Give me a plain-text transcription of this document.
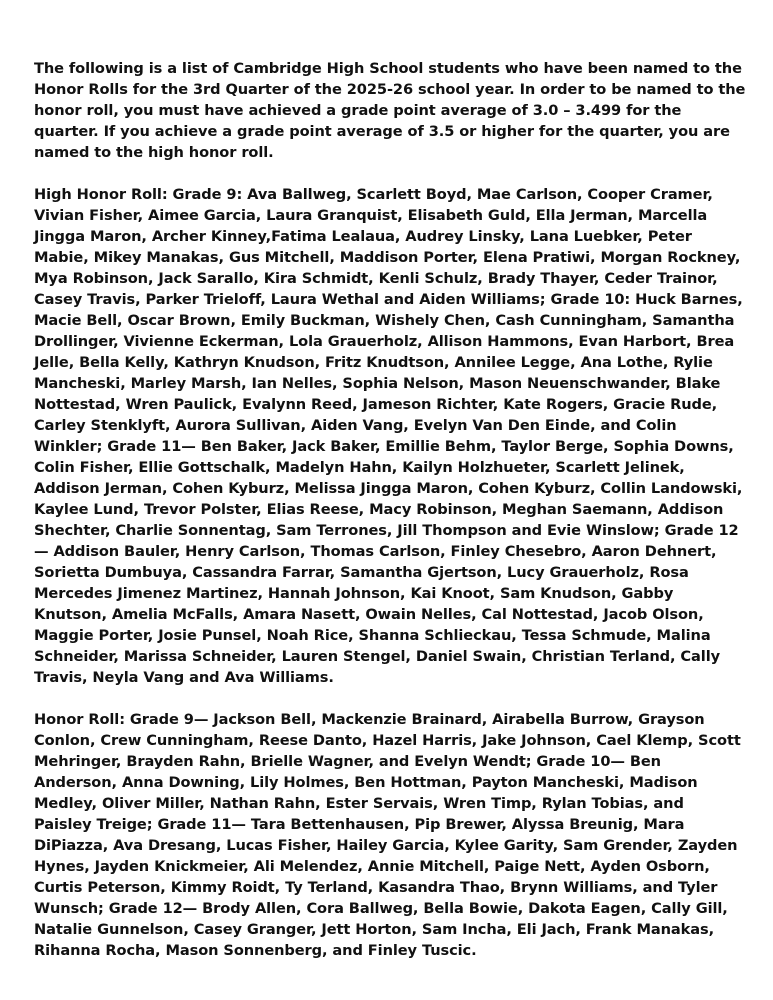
The following is a list of Cambridge High School students who have been named to the Honor Rolls for the 3rd Quarter of the 2025-26 school year. In order to be named to the honor roll, you must have achieved a grade point average of 3.0 – 3.499 for the quarter. If you achieve a grade point average of 3.5 or higher for the quarter, you are named to the high honor roll.

High Honor Roll: Grade 9: Ava Ballweg, Scarlett Boyd, Mae Carlson, Cooper Cramer, Vivian Fisher, Aimee Garcia, Laura Granquist, Elisabeth Guld, Ella Jerman, Marcella Jingga Maron, Archer Kinney,Fatima Lealaua, Audrey Linsky, Lana Luebker, Peter Mabie, Mikey Manakas, Gus Mitchell, Maddison Porter, Elena Pratiwi, Morgan Rockney, Mya Robinson, Jack Sarallo, Kira Schmidt, Kenli Schulz, Brady Thayer, Ceder Trainor, Casey Travis, Parker Trieloff, Laura Wethal and Aiden Williams; Grade 10: Huck Barnes, Macie Bell, Oscar Brown, Emily Buckman, Wishely Chen, Cash Cunningham, Samantha Drollinger, Vivienne Eckerman, Lola Grauerholz, Allison Hammons, Evan Harbort, Brea Jelle, Bella Kelly, Kathryn Knudson, Fritz Knudtson, Annilee Legge, Ana Lothe, Rylie Mancheski, Marley Marsh, Ian Nelles, Sophia Nelson, Mason Neuenschwander, Blake Nottestad, Wren Paulick, Evalynn Reed, Jameson Richter, Kate Rogers, Gracie Rude, Carley Stenklyft, Aurora Sullivan, Aiden Vang, Evelyn Van Den Einde, and Colin Winkler; Grade 11— Ben Baker, Jack Baker, Emillie Behm, Taylor Berge, Sophia Downs, Colin Fisher, Ellie Gottschalk, Madelyn Hahn, Kailyn Holzhueter, Scarlett Jelinek, Addison Jerman, Cohen Kyburz, Melissa Jingga Maron, Cohen Kyburz, Collin Landowski, Kaylee Lund, Trevor Polster, Elias Reese, Macy Robinson, Meghan Saemann, Addison Shechter, Charlie Sonnentag, Sam Terrones, Jill Thompson and Evie Winslow; Grade 12— Addison Bauler, Henry Carlson, Thomas Carlson, Finley Chesebro, Aaron Dehnert, Sorietta Dumbuya, Cassandra Farrar, Samantha Gjertson, Lucy Grauerholz, Rosa Mercedes Jimenez Martinez, Hannah Johnson, Kai Knoot, Sam Knudson, Gabby Knutson, Amelia McFalls, Amara Nasett, Owain Nelles, Cal Nottestad, Jacob Olson, Maggie Porter, Josie Punsel, Noah Rice, Shanna Schlieckau, Tessa Schmude, Malina Schneider, Marissa Schneider, Lauren Stengel, Daniel Swain, Christian Terland, Cally Travis, Neyla Vang and Ava Williams.

Honor Roll: Grade 9— Jackson Bell, Mackenzie Brainard, Airabella Burrow, Grayson Conlon, Crew Cunningham, Reese Danto, Hazel Harris, Jake Johnson, Cael Klemp, Scott Mehringer, Brayden Rahn, Brielle Wagner, and Evelyn Wendt; Grade 10— Ben Anderson, Anna Downing, Lily Holmes, Ben Hottman, Payton Mancheski, Madison Medley, Oliver Miller, Nathan Rahn, Ester Servais, Wren Timp, Rylan Tobias, and Paisley Treige; Grade 11— Tara Bettenhausen, Pip Brewer, Alyssa Breunig, Mara DiPiazza, Ava Dresang, Lucas Fisher, Hailey Garcia, Kylee Garity, Sam Grender, Zayden Hynes, Jayden Knickmeier, Ali Melendez, Annie Mitchell, Paige Nett, Ayden Osborn, Curtis Peterson, Kimmy Roidt, Ty Terland, Kasandra Thao, Brynn Williams, and Tyler Wunsch; Grade 12— Brody Allen, Cora Ballweg, Bella Bowie, Dakota Eagen, Cally Gill, Natalie Gunnelson, Casey Granger, Jett Horton, Sam Incha, Eli Jach, Frank Manakas, Rihanna Rocha, Mason Sonnenberg, and Finley Tuscic.
